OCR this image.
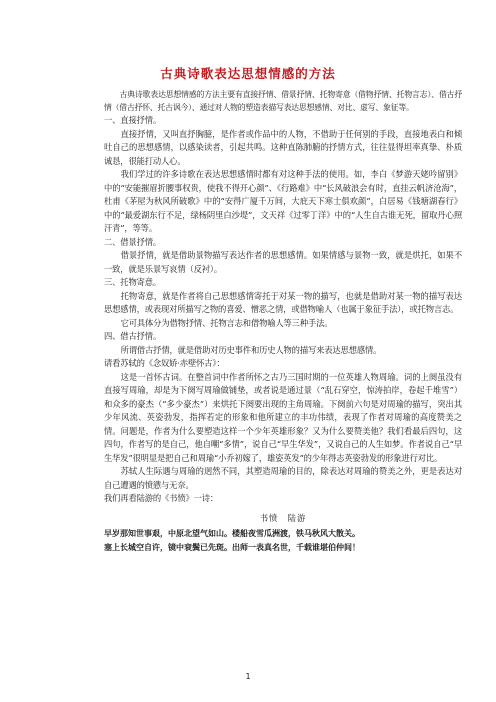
古典诗歌表达思想情感的方法

古典诗歌表达思想情感的方法主要有直接抒情、借景抒情、托物寄意（借物抒情、托物言志）、借古抒情（借古抒怀、托古讽今）、通过对人物的塑造表描写表达思想感情、对比、虚写、象征等。

一、直接抒情。

直接抒情，又叫直抒胸臆，是作者或作品中的人物，不借助于任何别的手段，直接地表白和倾吐自己的思想感情，以感染读者，引起共鸣。这种直陈肺腑的抒情方式，往往显得坦率真挚、朴质诚恳，很能打动人心。

我们学过的许多诗歌在表达思想感情时都有对这种手法的使用。如，李白《梦游天姥吟留别》中的“安能摧眉折腰事权贵，使我不得开心颜”、《行路难》中“长风破浪会有时，直挂云帆济沧海”，杜甫《茅屋为秋风所破歌》中的“安得广厦千万间，大庇天下寒士俱欢颜”，白居易《钱塘湖春行》中的“最爱湖东行不足，绿杨阴里白沙堤”，文天祥《过零丁洋》中的“人生自古谁无死，留取丹心照汗青”，等等。

二、借景抒情。

借景抒情，就是借助景物描写表达作者的思想感情。如果情感与景物一致，就是烘托，如果不一致，就是乐景写哀情（反衬）。

三、托物寄意。

托物寄意，就是作者将自己思想感情寄托于对某一物的描写，也就是借助对某一物的描写表达思想感情，或表现对所描写之物的喜爱、憎恶之情，或借物喻人（也属于象征手法），或托物言志。

它可具体分为借物抒情、托物言志和借物喻人等三种手法。

四、借古抒情。

所谓借古抒情，就是借助对历史事件和历史人物的描写来表达思想感情。

请看苏轼的《念奴娇·赤壁怀古》：

这是一首怀古词。在整首词中作者所怀之古乃三国时期的一位英雄人物周瑜。词的上阕虽没有直接写周瑜，却是为下阕写周瑜做铺垫，或者说是通过景（“乱石穿空，惊涛拍岸，卷起千堆雪”）和众多的豪杰（“多少豪杰”）来烘托下阕要出现的主角周瑜。下阕前六句是对周瑜的描写，突出其少年风流、英姿勃发，指挥若定的形象和他所建立的丰功伟绩，表现了作者对周瑜的高度赞美之情。问题是，作者为什么要塑造这样一个少年英雄形象？又为什么要赞美他？我们看最后四句，这四句，作者写的是自己，他自嘲“多情”，说自己“早生华发”，又说自己的人生如梦。作者说自己“早生华发”很明显是把自己和周瑜“小乔初嫁了，雄姿英发”的少年得志英姿勃发的形象进行对比。

苏轼人生际遇与周瑜的迥然不同，其塑造周瑜的目的，除表达对周瑜的赞美之外，更是表达对自己遭遇的愤懑与无奈。

我们再看陆游的《书愤》一诗：

书愤　陆游

早岁那知世事艰，中原北望气如山。楼船夜雪瓜洲渡，铁马秋风大散关。

塞上长城空自许，镜中衰鬓已先斑。出师一表真名世，千载谁堪伯仲间！

1
